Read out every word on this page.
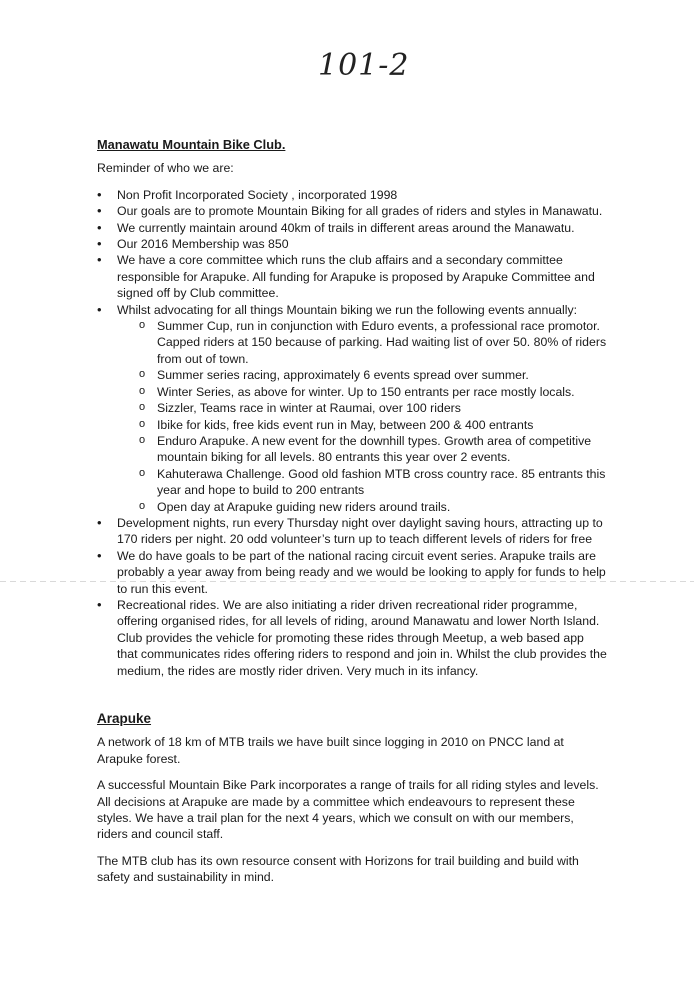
101-2
Manawatu Mountain Bike Club.
Reminder of who we are:
• Non Profit Incorporated Society , incorporated 1998
• Our goals are to promote Mountain Biking for all grades of riders and styles in Manawatu.
• We currently maintain around 40km of trails in different areas around the Manawatu.
• Our 2016 Membership was 850
• We have a core committee which runs the club affairs and a secondary committee responsible for Arapuke. All funding for Arapuke is proposed by Arapuke Committee and signed off by Club committee.
• Whilst advocating for all things Mountain biking we run the following events annually:
o Summer Cup, run in conjunction with Eduro events, a professional race promotor. Capped riders at 150 because of parking. Had waiting list of over 50. 80% of riders from out of town.
o Summer series racing, approximately 6 events spread over summer.
o Winter Series, as above for winter. Up to 150 entrants per race mostly locals.
o Sizzler, Teams race in winter at Raumai, over 100 riders
o Ibike for kids, free kids event run in May, between 200 & 400 entrants
o Enduro Arapuke. A new event for the downhill types. Growth area of competitive mountain biking for all levels. 80 entrants this year over 2 events.
o Kahuterawa Challenge. Good old fashion MTB cross country race. 85 entrants this year and hope to build to 200 entrants
o Open day at Arapuke guiding new riders around trails.
• Development nights, run every Thursday night over daylight saving hours, attracting up to 170 riders per night. 20 odd volunteer’s turn up to teach different levels of riders for free
• We do have goals to be part of the national racing circuit event series. Arapuke trails are probably a year away from being ready and we would be looking to apply for funds to help to run this event.
• Recreational rides. We are also initiating a rider driven recreational rider programme, offering organised rides, for all levels of riding, around Manawatu and lower North Island. Club provides the vehicle for promoting these rides through Meetup, a web based app that communicates rides offering riders to respond and join in. Whilst the club provides the medium, the rides are mostly rider driven. Very much in its infancy.
Arapuke

A network of 18 km of MTB trails we have built since logging in 2010 on PNCC land at Arapuke forest.

A successful Mountain Bike Park incorporates a range of trails for all riding styles and levels. All decisions at Arapuke are made by a committee which endeavours to represent these styles. We have a trail plan for the next 4 years, which we consult on with our members, riders and council staff.

The MTB club has its own resource consent with Horizons for trail building and build with safety and sustainability in mind.
